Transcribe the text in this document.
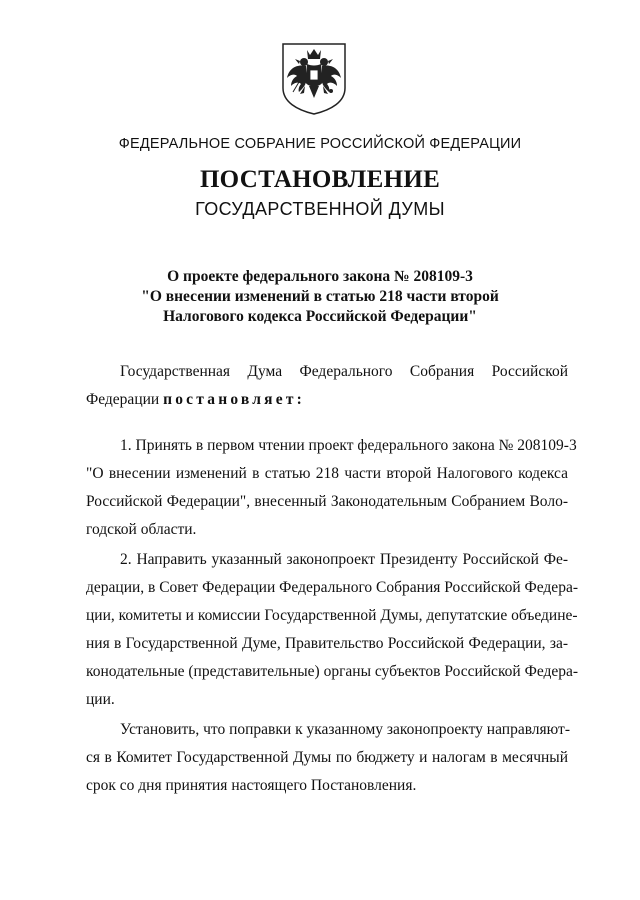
ФЕДЕРАЛЬНОЕ СОБРАНИЕ РОССИЙСКОЙ ФЕДЕРАЦИИ
ПОСТАНОВЛЕНИЕ
ГОСУДАРСТВЕННОЙ ДУМЫ
О проекте федерального закона № 208109-3
"О внесении изменений в статью 218 части второй
Налогового кодекса Российской Федерации"
Государственная Дума Федерального Собрания Российской
Федерации постановляет:
1. Принять в первом чтении проект федерального закона № 208109-3
"О внесении изменений в статью 218 части второй Налогового кодекса
Российской Федерации", внесенный Законодательным Собранием Воло-
годской области.
2. Направить указанный законопроект Президенту Российской Фе-
дерации, в Совет Федерации Федерального Собрания Российской Федера-
ции, комитеты и комиссии Государственной Думы, депутатские объедине-
ния в Государственной Думе, Правительство Российской Федерации, за-
конодательные (представительные) органы субъектов Российской Федера-
ции.
Установить, что поправки к указанному законопроекту направляют-
ся в Комитет Государственной Думы по бюджету и налогам в месячный
срок со дня принятия настоящего Постановления.
